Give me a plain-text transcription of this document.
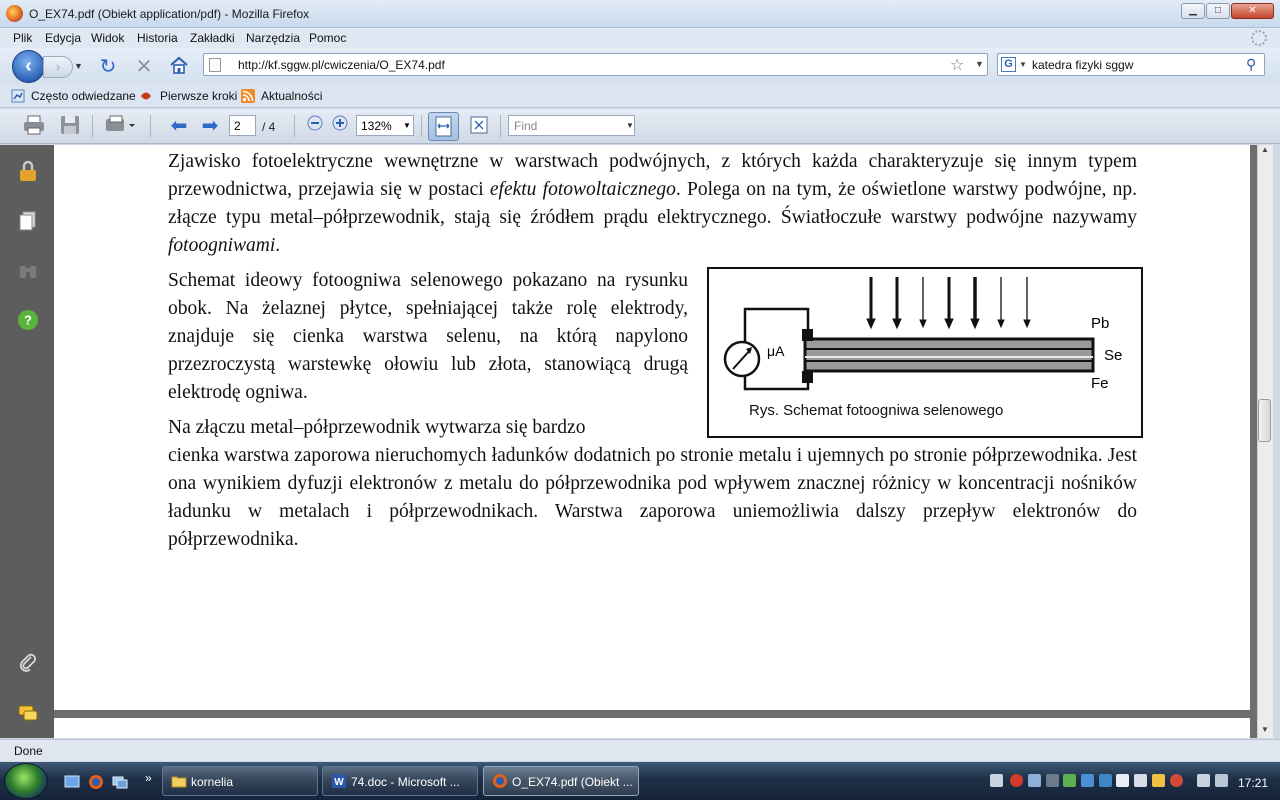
O_EX74.pdf (Obiekt application/pdf) - Mozilla Firefox	▁	□	✕
Plik Edycja Widok Historia Zakładki Narzędzia Pomoc
‹	›	▼ ↻ ✕	http://kf.sggw.pl/cwiczenia/O_EX74.pdf	☆ ▼ G ▼ katedra fizyki sggw	⚲
Często odwiedzane Pierwsze kroki Aktualności
⬅ ➡	2	/ 4	132% ▼	Find	▼
?

Zjawisko fotoelektryczne wewnętrzne w warstwach podwójnych, z których każda charakteryzuje się innym typem przewodnictwa, przejawia się w postaci efektu fotowoltaicznego. Polega on na tym, że oświetlone warstwy podwójne, np. złącze typu metal–półprzewodnik, stają się źródłem prądu elektrycznego. Światłoczułe warstwy podwójne nazywamy fotoogniwami.

Schemat ideowy fotoogniwa selenowego pokazano na rysunku obok. Na żelaznej płytce, spełniającej także rolę elektrody, znajduje się cienka warstwa selenu, na którą napylono przezroczystą warstewkę ołowiu lub złota, stanowiącą drugą elektrodę ogniwa.

Na złączu metal–półprzewodnik wytwarza się bardzo

cienka warstwa zaporowa nieruchomych ładunków dodatnich po stronie metalu i ujemnych po stronie półprzewodnika. Jest ona wynikiem dyfuzji elektronów z metalu do półprzewodnika pod wpływem znacznej różnicy w koncentracji nośników ładunku w metalach i półprzewodnikach. Warstwa zaporowa uniemożliwia dalszy przepływ elektronów do półprzewodnika.

μA
Pb
Se
Fe
Rys. Schemat fotoogniwa selenowego
▲
▼
Done
»	kornelia	W 74.doc - Microsoft ...	O_EX74.pdf (Obiekt ...	17:21
